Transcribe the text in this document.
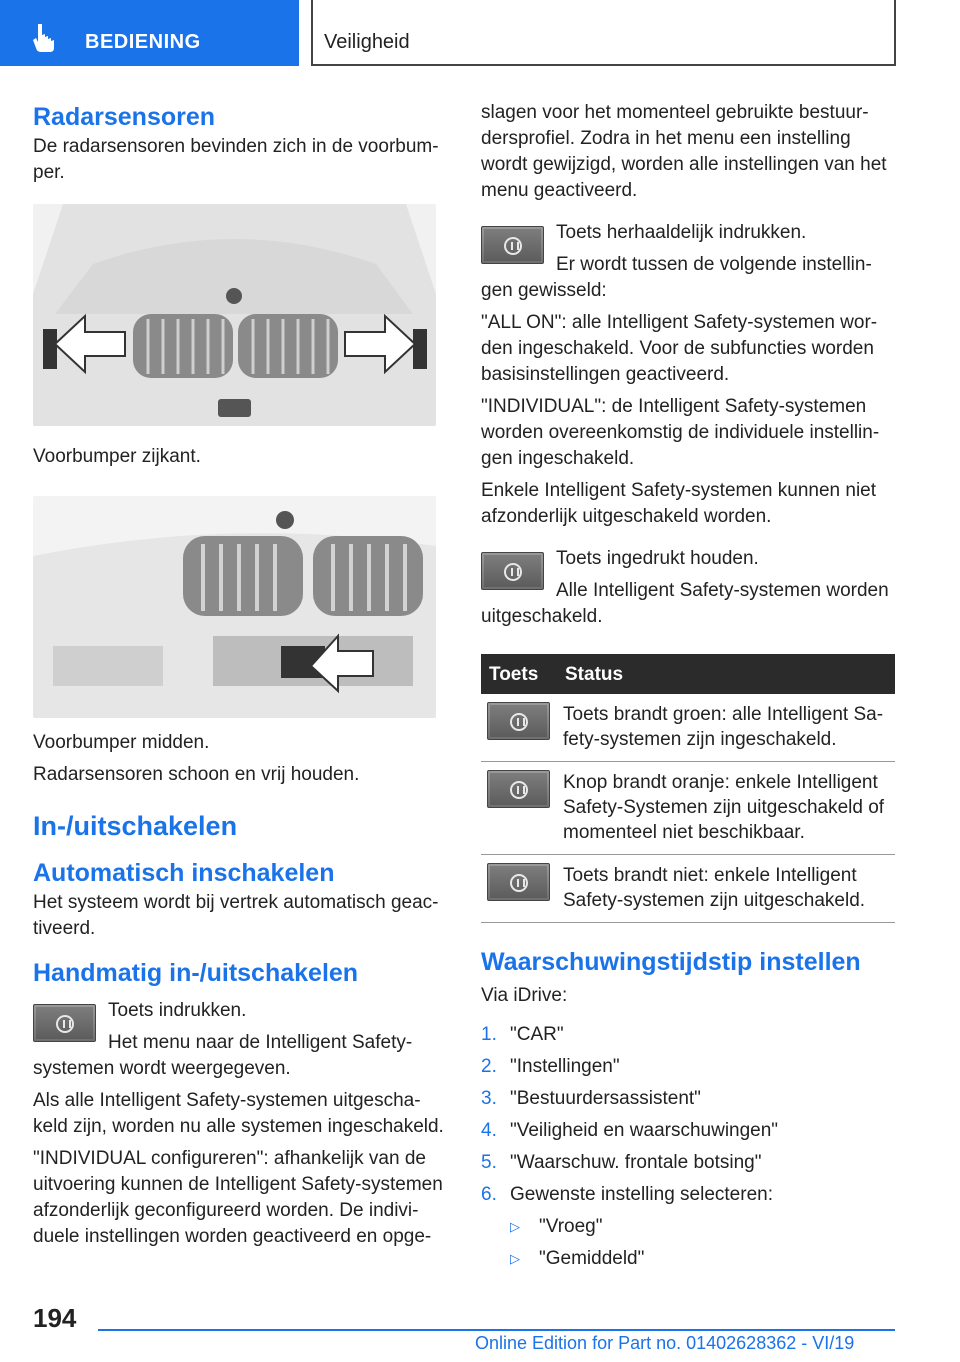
BEDIENING	Veiligheid
Radarsensoren
De radarsensoren bevinden zich in de voorbumper.
Voorbumper zijkant.
Voorbumper midden.
Radarsensoren schoon en vrij houden.
In-/uitschakelen
Automatisch inschakelen
Het systeem wordt bij vertrek automatisch geactiveerd.
Handmatig in-/uitschakelen
Toets indrukken.
Het menu naar de Intelligent Safety-systemen wordt weergegeven.
Als alle Intelligent Safety-systemen uitgeschakeld zijn, worden nu alle systemen ingeschakeld.
"INDIVIDUAL configureren": afhankelijk van de uitvoering kunnen de Intelligent Safety-systemen afzonderlijk geconfigureerd worden. De individuele instellingen worden geactiveerd en opge-
slagen voor het momenteel gebruikte bestuurdersprofiel. Zodra in het menu een instelling wordt gewijzigd, worden alle instellingen van het menu geactiveerd.
Toets herhaaldelijk indrukken.
Er wordt tussen de volgende instellingen gewisseld:
"ALL ON": alle Intelligent Safety-systemen worden ingeschakeld. Voor de subfuncties worden basisinstellingen geactiveerd.
"INDIVIDUAL": de Intelligent Safety-systemen worden overeenkomstig de individuele instellingen ingeschakeld.
Enkele Intelligent Safety-systemen kunnen niet afzonderlijk uitgeschakeld worden.
Toets ingedrukt houden.
Alle Intelligent Safety-systemen worden uitgeschakeld.
Toets	Status

	Toets brandt groen: alle Intelligent Safety-systemen zijn ingeschakeld.

	Knop brandt oranje: enkele Intelligent Safety-Systemen zijn uitgeschakeld of momenteel niet beschikbaar.

	Toets brandt niet: enkele Intelligent Safety-systemen zijn uitgeschakeld.
Waarschuwingstijdstip instellen
Via iDrive:
1. "CAR"
2. "Instellingen"
3. "Bestuurdersassistent"
4. "Veiligheid en waarschuwingen"
5. "Waarschuw. frontale botsing"
6. Gewenste instelling selecteren:
▷ "Vroeg"
▷ "Gemiddeld"
194
Online Edition for Part no. 01402628362 - VI/19
